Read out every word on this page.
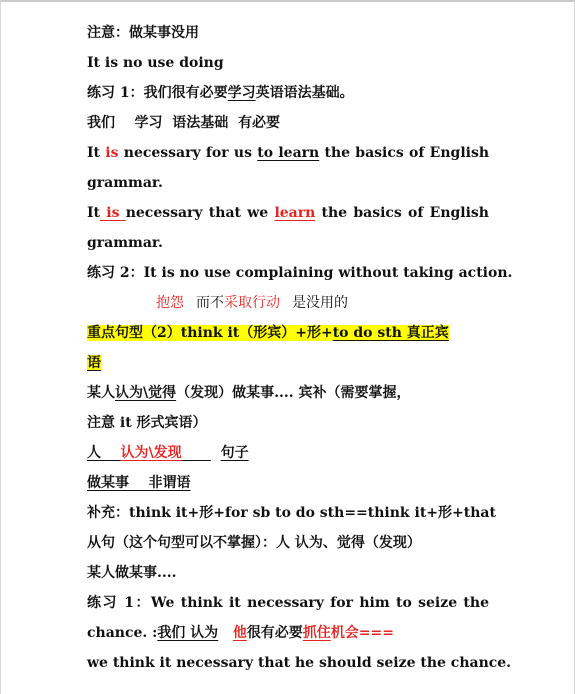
注意：做某事没用
It is no use doing
练习 1：我们很有必要学习英语语法基础。
我们    学习  语法基础  有必要
It is necessary for us to learn the basics of English
grammar.
It is necessary that we learn the basics of English
grammar.
练习 2：It is no use complaining without taking action.
抱怨 而不采取行动 是没用的
重点句型（2）think it（形宾）+形+to do sth 真正宾
语
某人认为\觉得（发现）做某事.... 宾补（需要掌握，
注意 it 形式宾语）
人 认为\发现	句子
做某事    非谓语
补充：think it+形+for sb to do sth==think it+形+that
从句（这个句型可以不掌握）：人 认为、觉得（发现）
某人做某事....
练习 1：We think it necessary for him to seize the
chance. :我们 认为 他很有必要抓住机会===
we think it necessary that he should seize the chance.
